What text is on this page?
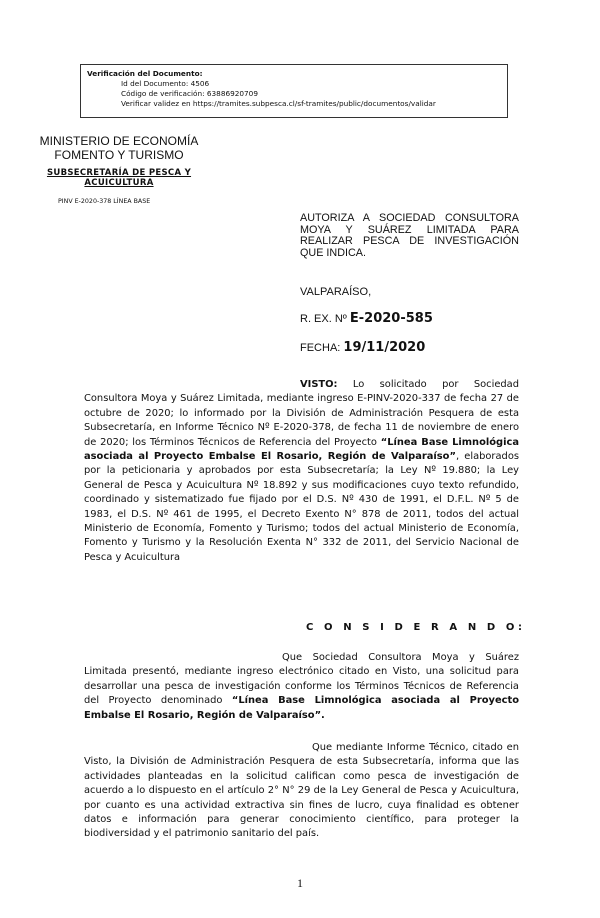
Verificación del Documento:
• Id del Documento: 4506
• Código de verificación: 63886920709
• Verificar validez en https://tramites.subpesca.cl/sf-tramites/public/documentos/validar
MINISTERIO DE ECONOMÍA
FOMENTO Y TURISMO
SUBSECRETARÍA DE PESCA Y ACUICULTURA
PINV E-2020-378 LÍNEA BASE
AUTORIZA A SOCIEDAD CONSULTORA MOYA Y SUÁREZ LIMITADA PARA REALIZAR PESCA DE INVESTIGACIÓN QUE INDICA.
VALPARAÍSO,
R. EX. Nº E-2020-585
FECHA: 19/11/2020

VISTO: Lo solicitado por Sociedad Consultora Moya y Suárez Limitada, mediante ingreso E-PINV-2020-337 de fecha 27 de octubre de 2020; lo informado por la División de Administración Pesquera de esta Subsecretaría, en Informe Técnico Nº E-2020-378, de fecha 11 de noviembre de enero de 2020; los Términos Técnicos de Referencia del Proyecto “Línea Base Limnológica asociada al Proyecto Embalse El Rosario, Región de Valparaíso”, elaborados por la peticionaria y aprobados por esta Subsecretaría; la Ley Nº 19.880; la Ley General de Pesca y Acuicultura Nº 18.892 y sus modificaciones cuyo texto refundido, coordinado y sistematizado fue fijado por el D.S. Nº 430 de 1991, el D.F.L. Nº 5 de 1983, el D.S. Nº 461 de 1995, el Decreto Exento N° 878 de 2011, todos del actual Ministerio de Economía, Fomento y Turismo; todos del actual Ministerio de Economía, Fomento y Turismo y la Resolución Exenta N° 332 de 2011, del Servicio Nacional de Pesca y Acuicultura

C O N S I D E R A N D O:

Que Sociedad Consultora Moya y Suárez Limitada presentó, mediante ingreso electrónico citado en Visto, una solicitud para desarrollar una pesca de investigación conforme los Términos Técnicos de Referencia del Proyecto denominado “Línea Base Limnológica asociada al Proyecto Embalse El Rosario, Región de Valparaíso”.

Que mediante Informe Técnico, citado en Visto, la División de Administración Pesquera de esta Subsecretaría, informa que las actividades planteadas en la solicitud califican como pesca de investigación de acuerdo a lo dispuesto en el artículo 2° N° 29 de la Ley General de Pesca y Acuicultura, por cuanto es una actividad extractiva sin fines de lucro, cuya finalidad es obtener datos e información para generar conocimiento científico, para proteger la biodiversidad y el patrimonio sanitario del país.

1
